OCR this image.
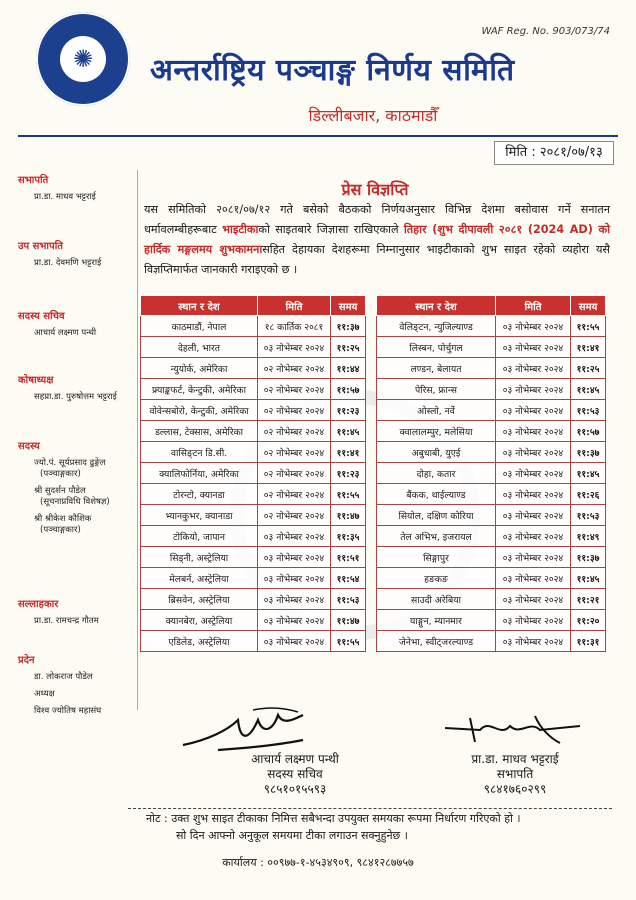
✺
WAF Reg. No. 903/073/74
अन्तर्राष्ट्रिय पञ्चाङ्ग निर्णय समिति
डिल्लीबजार, काठमाडौँ
मिति : २०८१/०७/१३
सभापति
प्रा.डा. माधव भट्टराई
उप सभापति
प्रा.डा. देवमणि भट्टराई
सदस्य सचिव
आचार्य लक्ष्मण पन्थी
कोषाध्यक्ष
सहप्रा.डा. पुरुषोत्तम भट्टराई
सदस्य
ज्यो.पं. सूर्यप्रसाद ढुङ्गेल
(पञ्चाङ्गकार)
श्री सुदर्शन पौडेल
(सूचनाप्रविधि विशेषज्ञ)
श्री श्रीकेश कौशिक
(पञ्चाङ्गकार)
सल्लाहकार
प्रा.डा. रामचन्द्र गौतम
प्रदेन
डा. लोकराज पौडेल
अध्यक्ष
विश्व ज्योतिष महासंघ
प्रेस विज्ञप्ति
यस समितिको २०८१/०७/१२ गते बसेको बैठकको निर्णयअनुसार विभिन्न देशमा बसोवास गर्ने सनातन धर्मावलम्बीहरूबाट भाइटीकाको साइतबारे जिज्ञासा राखिएकाले तिहार (शुभ दीपावली २०८१ (2024 AD) को हार्दिक मङ्गलमय शुभकामनासहित देहायका देशहरूमा निम्नानुसार भाइटीकाको शुभ साइत रहेको व्यहोरा यसै विज्ञप्तिमार्फत जानकारी गराइएको छ ।
स्थान र देश	मिति	समय
काठमाडौं, नेपाल	१८ कार्तिक २०८१	११:३७
देहली, भारत	०३ नोभेम्बर २०२४	११:२५
न्युयोर्क, अमेरिका	०२ नोभेम्बर २०२४	११:४४
फ्र्याङ्कफर्ट, केन्टुकी, अमेरिका	०२ नोभेम्बर २०२४	११:५७
वोवेन्सबोरो, केन्टुकी, अमेरिका	०२ नोभेम्बर २०२४	११:२३
डल्लास, टेक्सास, अमेरिका	०२ नोभेम्बर २०२४	११:४५
वासिङ्टन डि.सी.	०२ नोभेम्बर २०२४	११:४१
क्यालिफोर्निया, अमेरिका	०२ नोभेम्बर २०२४	११:२३
टोरन्टो, क्यानडा	०२ नोभेम्बर २०२४	११:५५
भ्यानकुभर, क्यानाडा	०२ नोभेम्बर २०२४	११:४७
टोकियो, जापान	०३ नोभेम्बर २०२४	११:३५
सिड्नी, अस्ट्रेलिया	०३ नोभेम्बर २०२४	११:५१
मेलबर्न, अस्ट्रेलिया	०३ नोभेम्बर २०२४	११:५४
ब्रिसवेन, अस्ट्रेलिया	०३ नोभेम्बर २०२४	११:५३
क्यानबेरा, अस्ट्रेलिया	०३ नोभेम्बर २०२४	११:४७
एडिलेड, अस्ट्रेलिया	०३ नोभेम्बर २०२४	११:५५
स्थान र देश	मिति	समय
वेलिङ्टन, न्युजिल्याण्ड	०३ नोभेम्बर २०२४	११:५५
लिस्बन, पोर्चुगल	०३ नोभेम्बर २०२४	११:४१
लण्डन, बेलायत	०३ नोभेम्बर २०२४	११:२५
पेरिस, फ्रान्स	०३ नोभेम्बर २०२४	११:४५
ओस्लो, नर्वे	०३ नोभेम्बर २०२४	११:५३
क्वालालम्पुर, मलेसिया	०३ नोभेम्बर २०२४	११:५७
अबुधाबी, युएई	०३ नोभेम्बर २०२४	११:३७
दोहा, कतार	०३ नोभेम्बर २०२४	११:४५
बैंकक, थाईल्याण्ड	०३ नोभेम्बर २०२४	११:२६
सियोल, दक्षिण कोरिया	०३ नोभेम्बर २०२४	११:५३
तेल अभिभ, इजरायल	०३ नोभेम्बर २०२४	११:४९
सिङ्गापुर	०३ नोभेम्बर २०२४	११:३७
हङकङ	०३ नोभेम्बर २०२४	११:४५
साउदी अरेबिया	०३ नोभेम्बर २०२४	११:२१
याङ्गुन, म्यानमार	०३ नोभेम्बर २०२४	११:२०
जेनेभा, स्वीट्जरल्याण्ड	०३ नोभेम्बर २०२४	११:३१
आचार्य लक्ष्मण पन्थी
सदस्य सचिव
९८५१०१५५९३
प्रा.डा. माधव भट्टराई
सभापति
९८४१७६०२९९
नोट : उक्त शुभ साइत टीकाका निमित्त सबैभन्दा उपयुक्त समयका रूपमा निर्धारण गरिएको हो ।
सो दिन आफ्नो अनुकूल समयमा टीका लगाउन सक्नुहुनेछ ।
कार्यालय : ००९७७-१-४५३४९०९, ९८४१२८७७५७
